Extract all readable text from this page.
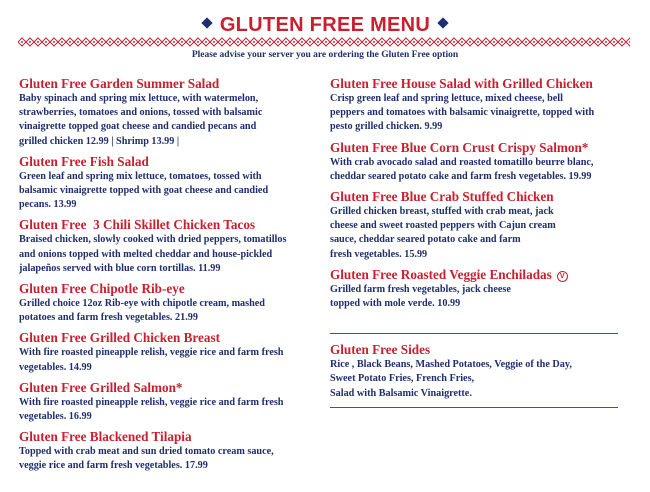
GLUTEN FREE MENU
Please advise your server you are ordering the Gluten Free option
Gluten Free Garden Summer Salad
Baby spinach and spring mix lettuce, with watermelon,
strawberries, tomatoes and onions, tossed with balsamic
vinaigrette topped goat cheese and candied pecans and
grilled chicken 12.99 | Shrimp 13.99 |
Gluten Free Fish Salad
Green leaf and spring mix lettuce, tomatoes, tossed with
balsamic vinaigrette topped with goat cheese and candied
pecans. 13.99
Gluten Free  3 Chili Skillet Chicken Tacos
Braised chicken, slowly cooked with dried peppers, tomatillos
and onions topped with melted cheddar and house-pickled
jalapeños served with blue corn tortillas. 11.99
Gluten Free Chipotle Rib-eye
Grilled choice 12oz Rib-eye with chipotle cream, mashed
potatoes and farm fresh vegetables. 21.99
Gluten Free Grilled Chicken Breast
With fire roasted pineapple relish, veggie rice and farm fresh
vegetables. 14.99
Gluten Free Grilled Salmon*
With fire roasted pineapple relish, veggie rice and farm fresh
vegetables. 16.99
Gluten Free Blackened Tilapia
Topped with crab meat and sun dried tomato cream sauce,
veggie rice and farm fresh vegetables. 17.99
Gluten Free House Salad with Grilled Chicken
Crisp green leaf and spring lettuce, mixed cheese, bell
peppers and tomatoes with balsamic vinaigrette, topped with
pesto grilled chicken. 9.99
Gluten Free Blue Corn Crust Crispy Salmon*
With crab avocado salad and roasted tomatillo beurre blanc,
cheddar seared potato cake and farm fresh vegetables. 19.99
Gluten Free Blue Crab Stuffed Chicken
Grilled chicken breast, stuffed with crab meat, jack
cheese and sweet roasted peppers with Cajun cream
sauce, cheddar seared potato cake and farm
fresh vegetables. 15.99
Gluten Free Roasted Veggie Enchiladas V
Grilled farm fresh vegetables, jack cheese
topped with mole verde. 10.99
Gluten Free Sides
Rice , Black Beans, Mashed Potatoes, Veggie of the Day,
Sweet Potato Fries, French Fries,
Salad with Balsamic Vinaigrette.
